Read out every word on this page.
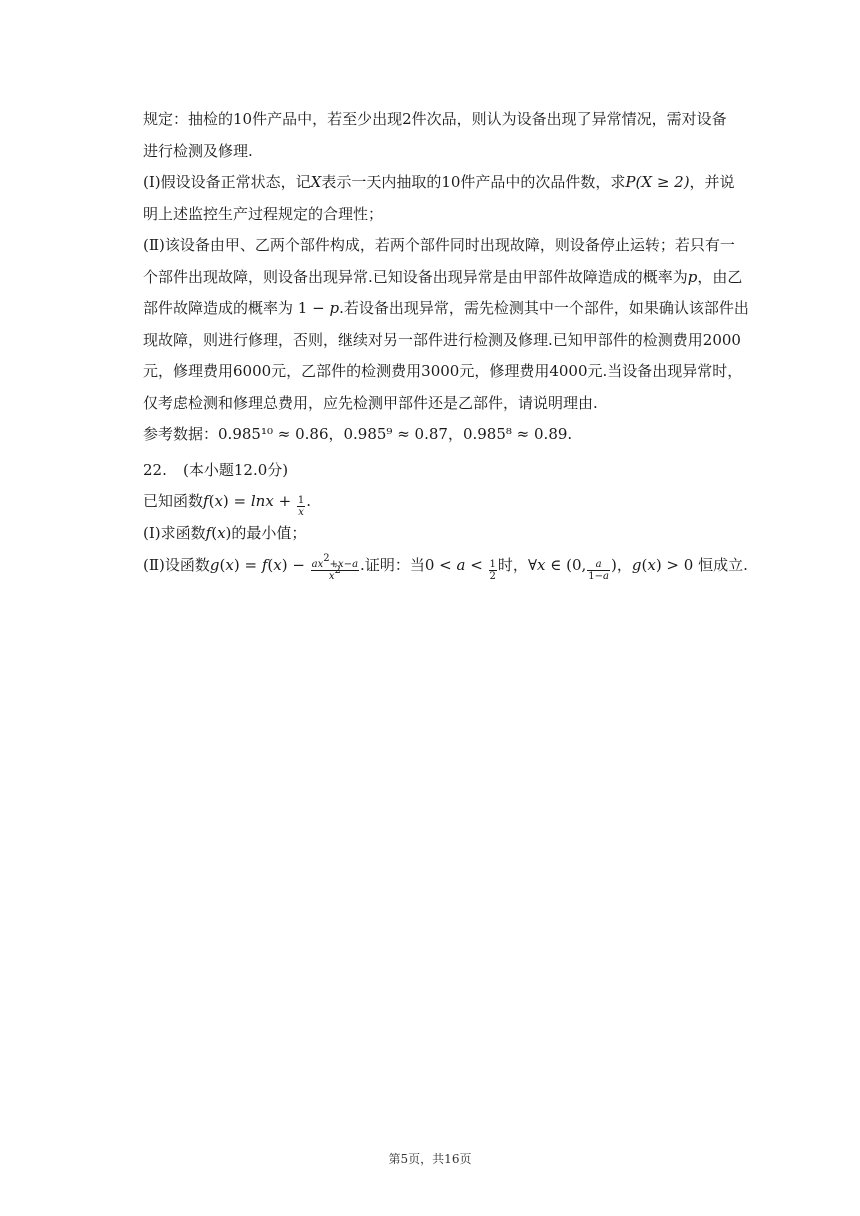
规定：抽检的10件产品中，若至少出现2件次品，则认为设备出现了异常情况，需对设备
进行检测及修理.

(Ⅰ)假设设备正常状态，记X表示一天内抽取的10件产品中的次品件数，求P(X ≥ 2)，并说
明上述监控生产过程规定的合理性；

(Ⅱ)该设备由甲、乙两个部件构成，若两个部件同时出现故障，则设备停止运转；若只有一
个部件出现故障，则设备出现异常.已知设备出现异常是由甲部件故障造成的概率为p，由乙
部件故障造成的概率为 1 − p.若设备出现异常，需先检测其中一个部件，如果确认该部件出
现故障，则进行修理，否则，继续对另一部件进行检测及修理.已知甲部件的检测费用2000
元，修理费用6000元，乙部件的检测费用3000元，修理费用4000元.当设备出现异常时，
仅考虑检测和修理总费用，应先检测甲部件还是乙部件，请说明理由.

参考数据：0.985¹⁰ ≈ 0.86，0.985⁹ ≈ 0.87，0.985⁸ ≈ 0.89.

22. (本小题12.0分)

已知函数$f(x) = \ln x + \frac{1}{x}$ .

(Ⅰ)求函数f(x)的最小值；

(Ⅱ)设函数$g(x) = f(x) - \frac{ax^2+x-a}{x^2}$ .证明：当$0 < a < \frac{1}{2}$ 时，∀x ∈ (0, $\frac{a}{1-a}$ )，g(x) > 0 恒成立.

第5页，共16页
